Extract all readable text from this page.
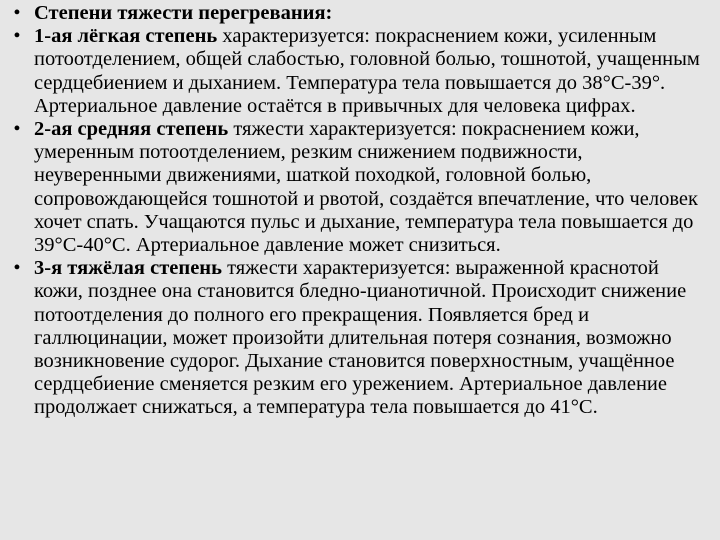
• Степени тяжести перегревания:
• 1-ая лёгкая степень характеризуется: покраснением кожи, усиленным потоотделением, общей слабостью, головной болью, тошнотой, учащенным сердцебиением и дыханием. Температура тела повышается до 38°С-39°. Артериальное давление остаётся в привычных для человека цифрах.
• 2-ая средняя степень тяжести характеризуется: покраснением кожи, умеренным потоотделением, резким снижением подвижности, неуверенными движениями, шаткой походкой, головной болью, сопровождающейся тошнотой и рвотой, создаётся впечатление, что человек хочет спать. Учащаются пульс и дыхание, температура тела повышается до 39°С-40°С. Артериальное давление может снизиться.
• 3-я тяжёлая степень тяжести характеризуется: выраженной краснотой кожи, позднее она становится бледно-цианотичной. Происходит снижение потоотделения до полного его прекращения. Появляется бред и галлюцинации, может произойти длительная потеря сознания, возможно возникновение судорог. Дыхание становится поверхностным, учащённое сердцебиение сменяется резким его урежением. Артериальное давление продолжает снижаться, а температура тела повышается до 41°С.
